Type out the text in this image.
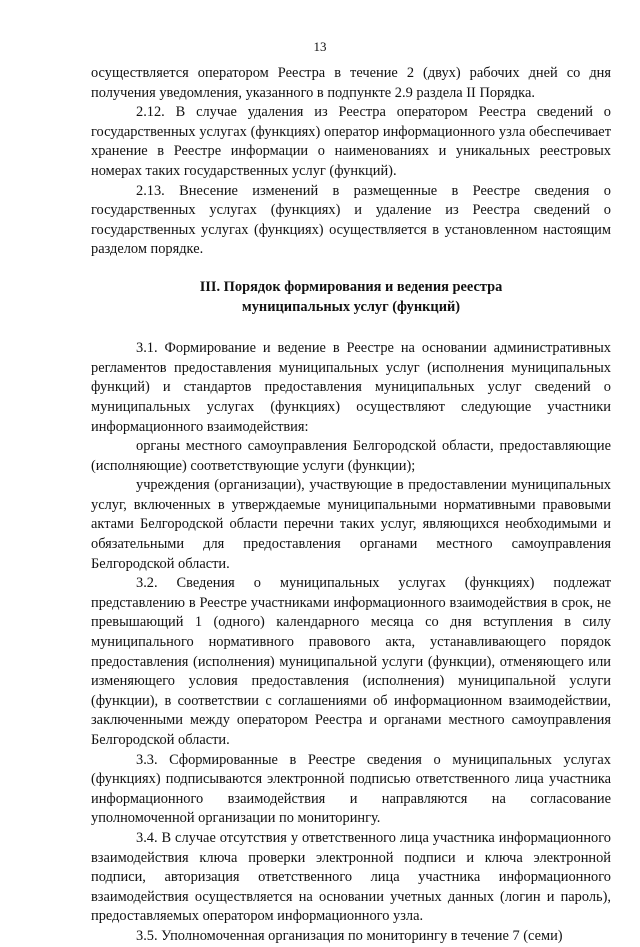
13

осуществляется оператором Реестра в течение 2 (двух) рабочих дней со дня получения уведомления, указанного в подпункте 2.9 раздела II Порядка.

2.12. В случае удаления из Реестра оператором Реестра сведений о государственных услугах (функциях) оператор информационного узла обеспечивает хранение в Реестре информации о наименованиях и уникальных реестровых номерах таких государственных услуг (функций).

2.13. Внесение изменений в размещенные в Реестре сведения о государственных услугах (функциях) и удаление из Реестра сведений о государственных услугах (функциях) осуществляется в установленном настоящим разделом порядке.

III. Порядок формирования и ведения реестра
муниципальных услуг (функций)

3.1. Формирование и ведение в Реестре на основании административных регламентов предоставления муниципальных услуг (исполнения муниципальных функций) и стандартов предоставления муниципальных услуг сведений о муниципальных услугах (функциях) осуществляют следующие участники информационного взаимодействия:

органы местного самоуправления Белгородской области, предоставляющие (исполняющие) соответствующие услуги (функции);

учреждения (организации), участвующие в предоставлении муниципальных услуг, включенных в утверждаемые муниципальными нормативными правовыми актами Белгородской области перечни таких услуг, являющихся необходимыми и обязательными для предоставления органами местного самоуправления Белгородской области.

3.2. Сведения о муниципальных услугах (функциях) подлежат представлению в Реестре участниками информационного взаимодействия в срок, не превышающий 1 (одного) календарного месяца со дня вступления в силу муниципального нормативного правового акта, устанавливающего порядок предоставления (исполнения) муниципальной услуги (функции), отменяющего или изменяющего условия предоставления (исполнения) муниципальной услуги (функции), в соответствии с соглашениями об информационном взаимодействии, заключенными между оператором Реестра и органами местного самоуправления Белгородской области.

3.3. Сформированные в Реестре сведения о муниципальных услугах (функциях) подписываются электронной подписью ответственного лица участника информационного взаимодействия и направляются на согласование уполномоченной организации по мониторингу.

3.4. В случае отсутствия у ответственного лица участника информационного взаимодействия ключа проверки электронной подписи и ключа электронной подписи, авторизация ответственного лица участника информационного взаимодействия осуществляется на основании учетных данных (логин и пароль), предоставляемых оператором информационного узла.

3.5. Уполномоченная организация по мониторингу в течение 7 (семи)
